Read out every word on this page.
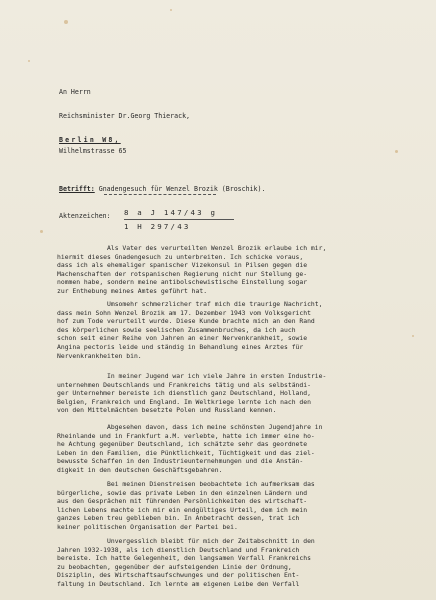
An Herrn
Reichsminister Dr.Georg Thierack,
Berlin W8,
Wilhelmstrasse 65
Betrifft: Gnadengesuch für Wenzel Brozik (Broschik).
Aktenzeichen:	8 a J 147/43 g
1 H 297/43
Als Vater des verurteilten Wenzel Brozik erlaube ich mir,
hiermit dieses Gnadengesuch zu unterbreiten. Ich schicke voraus,
dass ich als ehemaliger spanischer Vizekonsul in Pilsen gegen die
Machenschaften der rotspanischen Regierung nicht nur Stellung ge-
nommen habe, sondern meine antibolschewistische Einstellung sogar
zur Enthebung meines Amtes geführt hat.
Umsomehr schmerzlicher traf mich die traurige Nachricht,
dass mein Sohn Wenzel Brozik am 17. Dezember 1943 vom Volksgericht
hof zum Tode verurteilt wurde. Diese Kunde brachte mich an den Rand
des körperlichen sowie seelischen Zusammenbruches, da ich auch
schon seit einer Reihe von Jahren an einer Nervenkrankheit, sowie
Angina pectoris leide und ständig in Behandlung eines Arztes für
Nervenkrankheiten bin.
In meiner Jugend war ich viele Jahre in ersten Industrie-
unternehmen Deutschlands und Frankreichs tätig und als selbständi-
ger Unternehmer bereiste ich dienstlich ganz Deutschland, Holland,
Belgien, Frankreich und England. Im Weltkriege lernte ich nach den
von den Mittelmächten besetzte Polen und Russland kennen.
Abgesehen davon, dass ich meine schönsten Jugendjahre in
Rheinlande und in Frankfurt a.M. verlebte, hatte ich immer eine ho-
he Achtung gegenüber Deutschland, ich schätzte sehr das geordnete
Leben in den Familien, die Pünktlichkeit, Tüchtigkeit und das ziel-
bewusste Schaffen in den Industrieunternehmungen und die Anstän-
digkeit in den deutschen Geschäftsgebahren.
Bei meinen Dienstreisen beobachtete ich aufmerksam das
bürgerliche, sowie das private Leben in den einzelnen Ländern und
aus den Gesprächen mit führenden Persönlichkeiten des wirtschaft-
lichen Lebens machte ich mir ein endgültiges Urteil, dem ich mein
ganzes Leben treu geblieben bin. In Anbetracht dessen, trat ich
keiner politischen Organisation der Partei bei.
Unvergesslich bleibt für mich der Zeitabschnitt in den
Jahren 1932-1938, als ich dienstlich Deutschland und Frankreich
bereiste. Ich hatte Gelegenheit, den langsamen Verfall Frankreichs
zu beobachten, gegenüber der aufsteigenden Linie der Ordnung,
Disziplin, des Wirtschaftsaufschwunges und der politischen Ent-
faltung in Deutschland. Ich lernte am eigenen Leibe den Verfall
